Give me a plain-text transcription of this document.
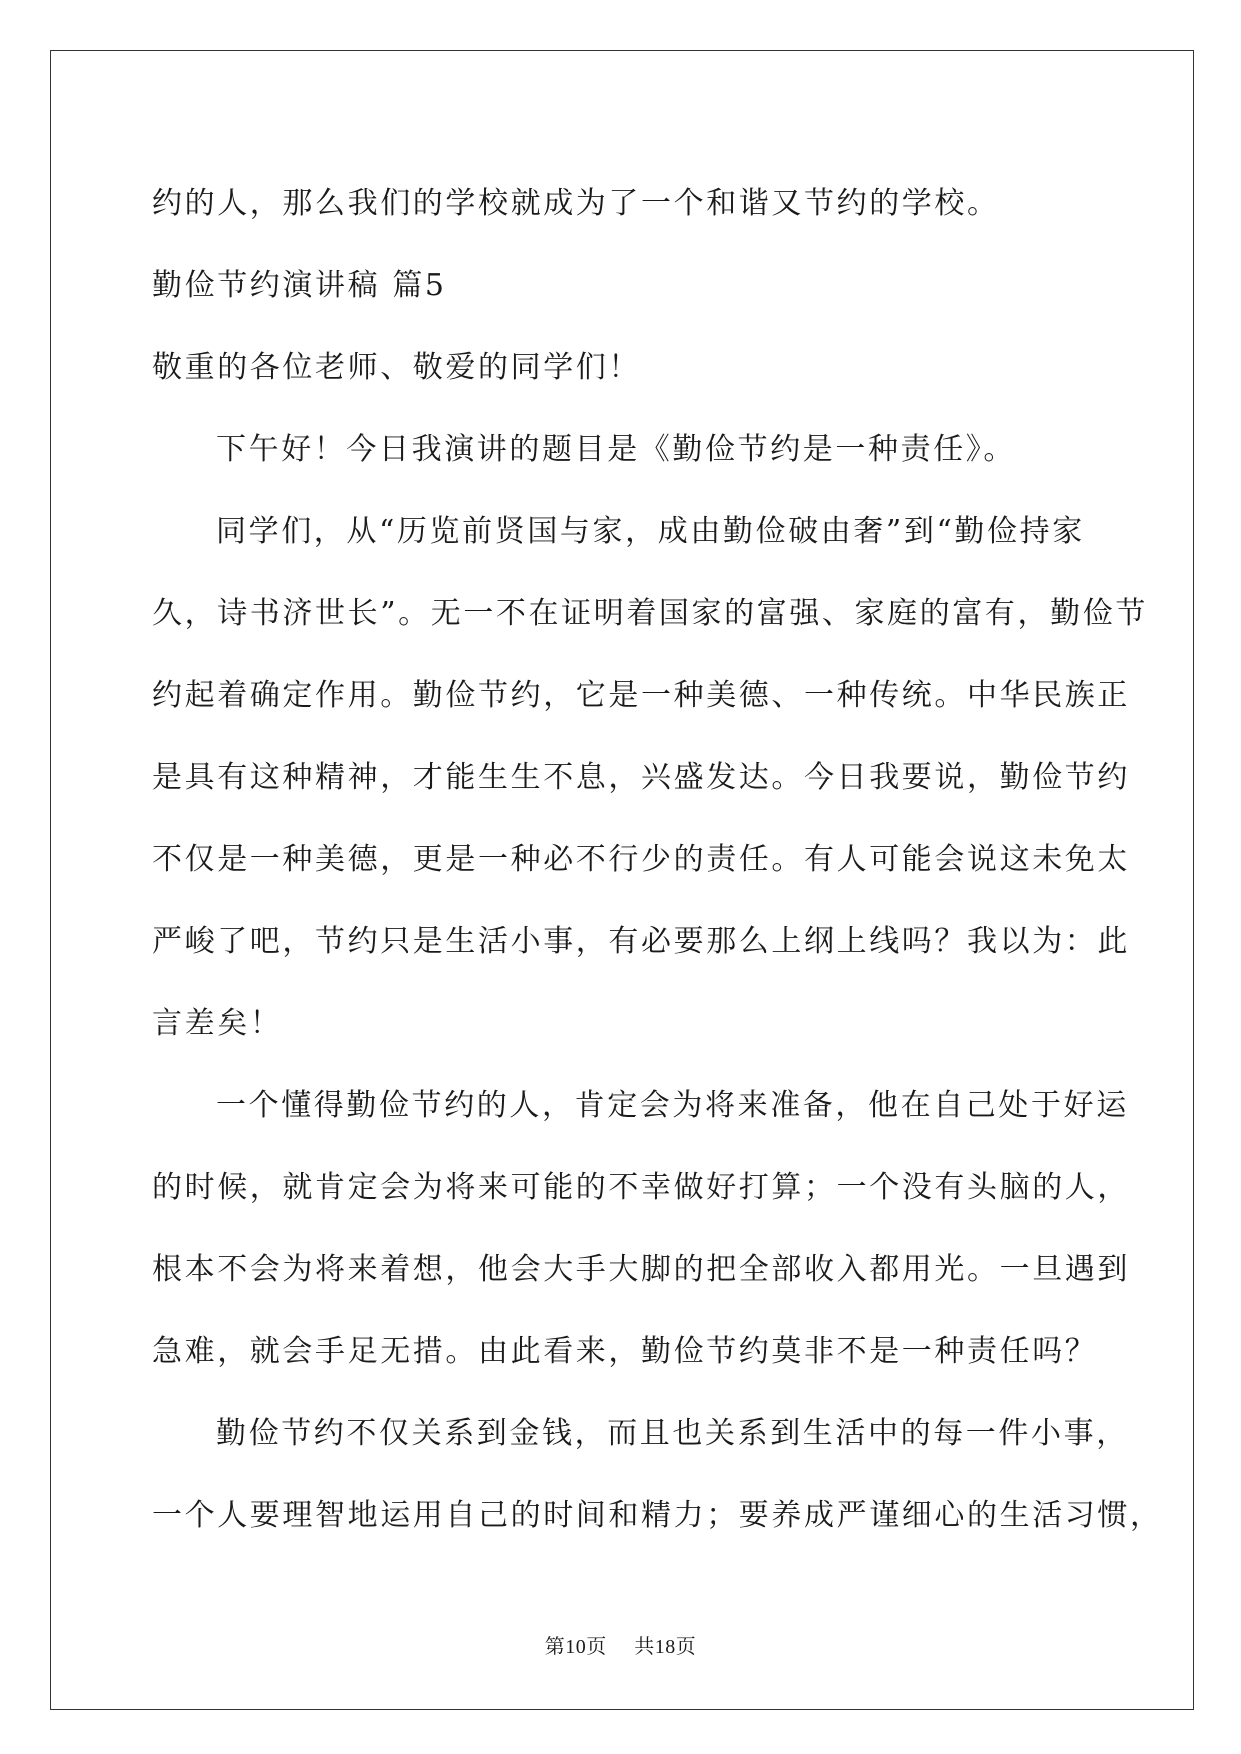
约的人，那么我们的学校就成为了一个和谐又节约的学校。
勤俭节约演讲稿 篇5
敬重的各位老师、敬爱的同学们！
下午好！今日我演讲的题目是《勤俭节约是一种责任》。
同学们，从“历览前贤国与家，成由勤俭破由奢”到“勤俭持家
久，诗书济世长”。无一不在证明着国家的富强、家庭的富有，勤俭节
约起着确定作用。勤俭节约，它是一种美德、一种传统。中华民族正
是具有这种精神，才能生生不息，兴盛发达。今日我要说，勤俭节约
不仅是一种美德，更是一种必不行少的责任。有人可能会说这未免太
严峻了吧，节约只是生活小事，有必要那么上纲上线吗？我以为：此
言差矣！
一个懂得勤俭节约的人，肯定会为将来准备，他在自己处于好运
的时候，就肯定会为将来可能的不幸做好打算；一个没有头脑的人，
根本不会为将来着想，他会大手大脚的把全部收入都用光。一旦遇到
急难，就会手足无措。由此看来，勤俭节约莫非不是一种责任吗？
勤俭节约不仅关系到金钱，而且也关系到生活中的每一件小事，
一个人要理智地运用自己的时间和精力；要养成严谨细心的生活习惯，
第10页 共18页
